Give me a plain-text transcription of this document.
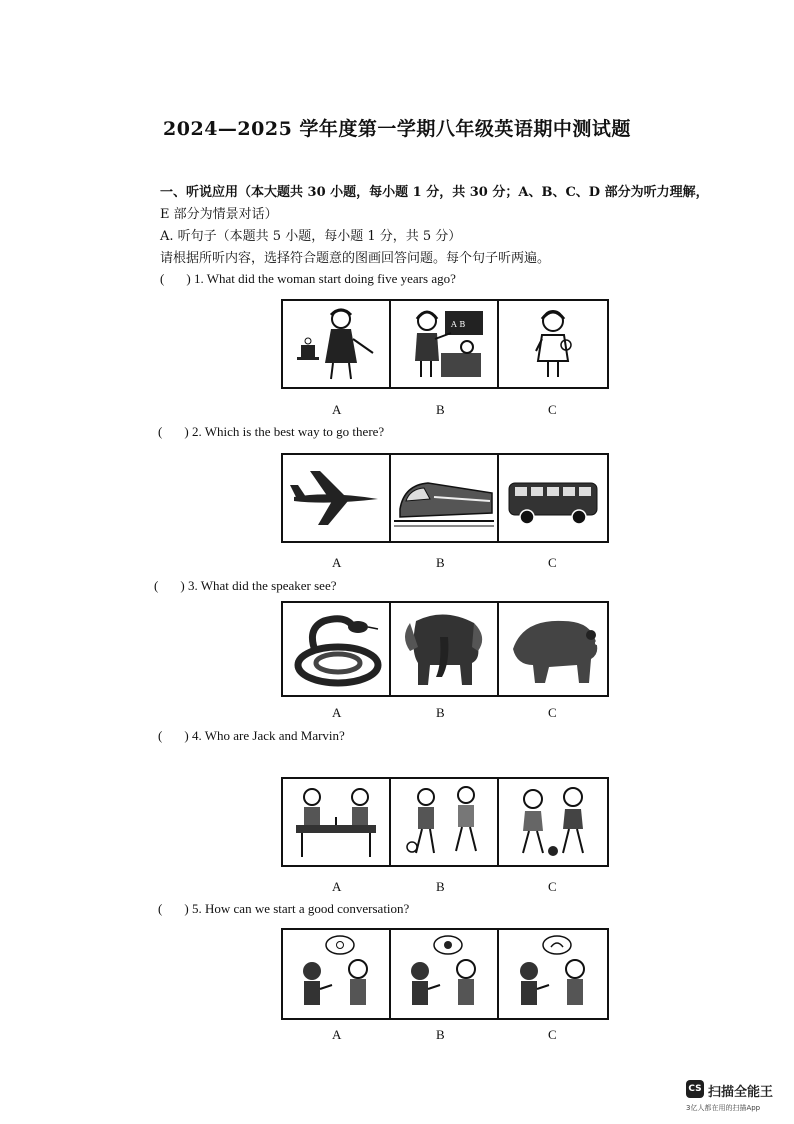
2024—2025 学年度第一学期八年级英语期中测试题
一、听说应用（本大题共 30 小题，每小题 1 分，共 30 分；A、B、C、D 部分为听力理解，
E 部分为情景对话）
A. 听句子（本题共 5 小题，每小题 1 分，共 5 分）
请根据所听内容，选择符合题意的图画回答问题。每个句子听两遍。
( ) 1. What did the woman start doing five years ago?
A B
A	B	C
( ) 2. Which is the best way to go there?
A	B	C
( ) 3. What did the speaker see?
A	B	C
( ) 4. Who are Jack and Marvin?
A	B	C
( ) 5. How can we start a good conversation?
A	B	C
CS 扫描全能王
3亿人都在用的扫描App
